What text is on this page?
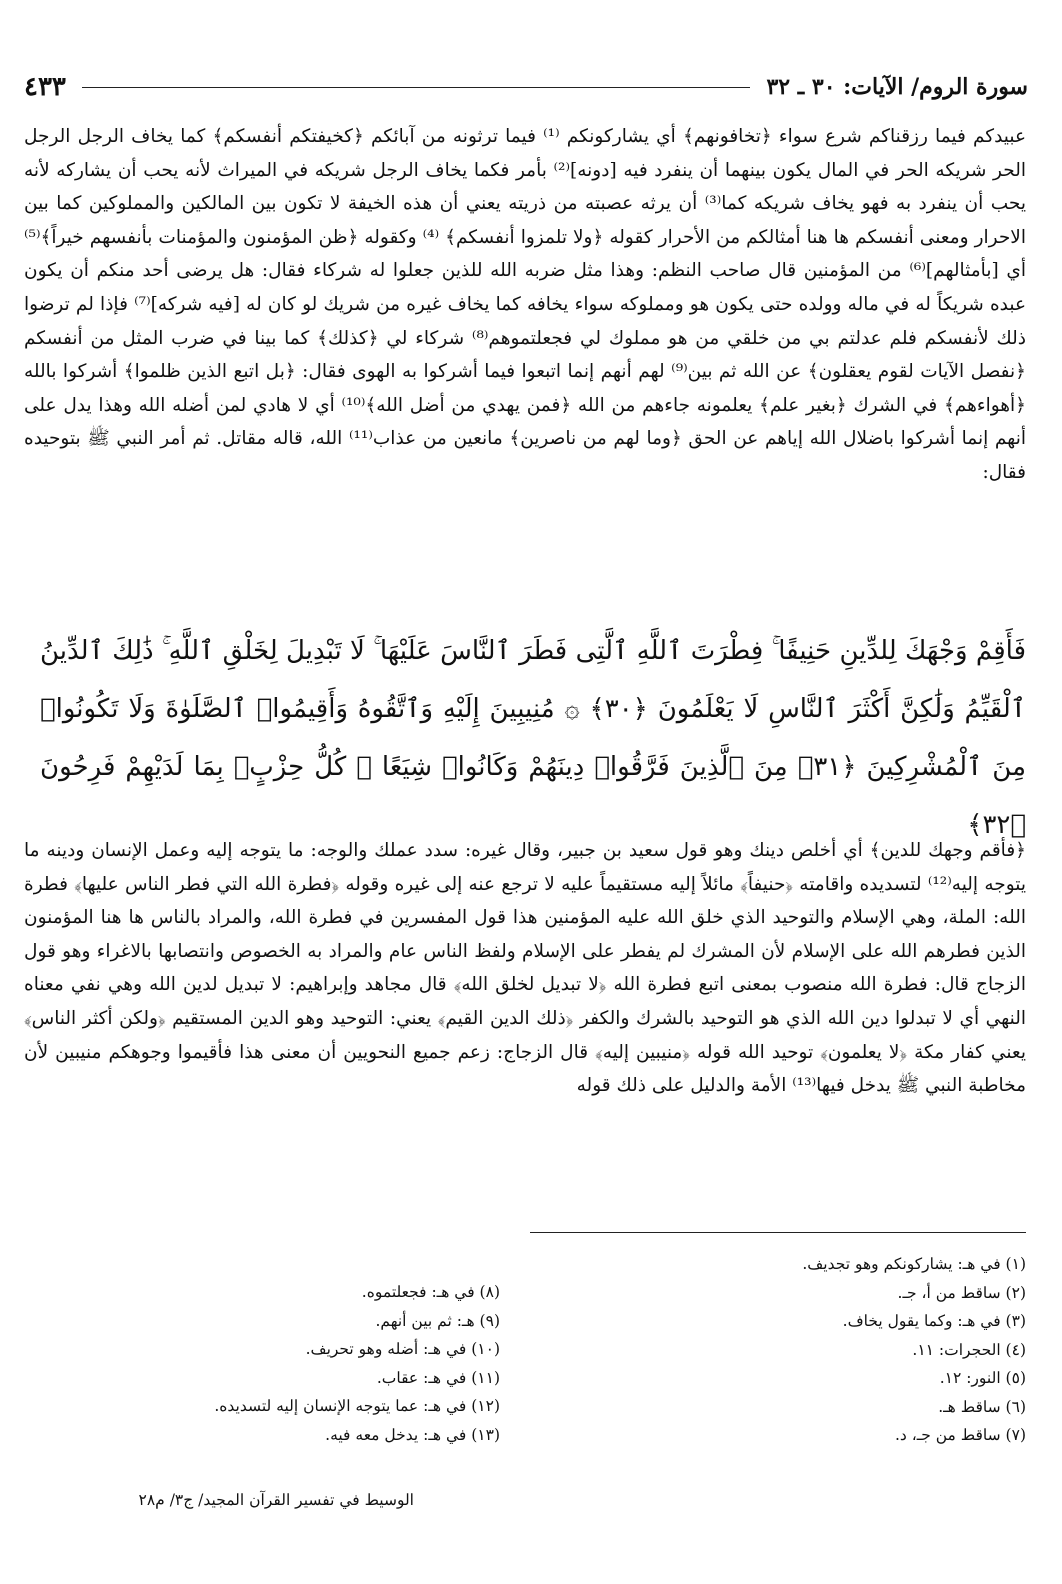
سورة الروم/ الآيات: ٣٠ ـ ٣٢
٤٣٣

عبيدكم فيما رزقناكم شرع سواء ﴿تخافونهم﴾ أي يشاركونكم ⁽¹⁾ فيما ترثونه من آبائكم ﴿كخيفتكم أنفسكم﴾ كما يخاف الرجل الرجل الحر شريكه الحر في المال يكون بينهما أن ينفرد فيه [دونه]⁽²⁾ بأمر فكما يخاف الرجل شريكه في الميراث لأنه يحب أن يشاركه لأنه يحب أن ينفرد به فهو يخاف شريكه كما⁽³⁾ أن يرثه عصبته من ذريته يعني أن هذه الخيفة لا تكون بين المالكين والمملوكين كما بين الاحرار ومعنى أنفسكم ها هنا أمثالكم من الأحرار كقوله ﴿ولا تلمزوا أنفسكم﴾ ⁽⁴⁾ وكقوله ﴿ظن المؤمنون والمؤمنات بأنفسهم خيراً﴾⁽⁵⁾ أي [بأمثالهم]⁽⁶⁾ من المؤمنين قال صاحب النظم: وهذا مثل ضربه الله للذين جعلوا له شركاء فقال: هل يرضى أحد منكم أن يكون عبده شريكاً له في ماله وولده حتى يكون هو ومملوكه سواء يخافه كما يخاف غيره من شريك لو كان له [فيه شركه]⁽⁷⁾ فإذا لم ترضوا ذلك لأنفسكم فلم عدلتم بي من خلقي من هو مملوك لي فجعلتموهم⁽⁸⁾ شركاء لي ﴿كذلك﴾ كما بينا في ضرب المثل من أنفسكم ﴿نفصل الآيات لقوم يعقلون﴾ عن الله ثم بين⁽⁹⁾ لهم أنهم إنما اتبعوا فيما أشركوا به الهوى فقال: ﴿بل اتبع الذين ظلموا﴾ أشركوا بالله ﴿أهواءهم﴾ في الشرك ﴿بغير علم﴾ يعلمونه جاءهم من الله ﴿فمن يهدي من أضل الله﴾⁽¹⁰⁾ أي لا هادي لمن أضله الله وهذا يدل على أنهم إنما أشركوا باضلال الله إياهم عن الحق ﴿وما لهم من ناصرين﴾ مانعين من عذاب⁽¹¹⁾ الله، قاله مقاتل. ثم أمر النبي ﷺ بتوحيده فقال:

فَأَقِمْ وَجْهَكَ لِلدِّينِ حَنِيفًا ۚ فِطْرَتَ ٱللَّهِ ٱلَّتِى فَطَرَ ٱلنَّاسَ عَلَيْهَا ۚ لَا تَبْدِيلَ لِخَلْقِ ٱللَّهِ ۚ ذَٰلِكَ ٱلدِّينُ ٱلْقَيِّمُ وَلَٰكِنَّ أَكْثَرَ ٱلنَّاسِ لَا يَعْلَمُونَ ﴿٣٠﴾ ۞ مُنِيبِينَ إِلَيْهِ وَٱتَّقُوهُ وَأَقِيمُوا۟ ٱلصَّلَوٰةَ وَلَا تَكُونُوا۟ مِنَ ٱلْمُشْرِكِينَ ﴿٣١﴾ مِنَ ٱلَّذِينَ فَرَّقُوا۟ دِينَهُمْ وَكَانُوا۟ شِيَعًا ۖ كُلُّ حِزْبٍۭ بِمَا لَدَيْهِمْ فَرِحُونَ ﴿٣٢﴾

﴿فأقم وجهك للدين﴾ أي أخلص دينك وهو قول سعيد بن جبير، وقال غيره: سدد عملك والوجه: ما يتوجه إليه وعمل الإنسان ودينه ما يتوجه إليه⁽¹²⁾ لتسديده واقامته ﴿حنيفاً﴾ مائلاً إليه مستقيماً عليه لا ترجع عنه إلى غيره وقوله ﴿فطرة الله التي فطر الناس عليها﴾ فطرة الله: الملة، وهي الإسلام والتوحيد الذي خلق الله عليه المؤمنين هذا قول المفسرين في فطرة الله، والمراد بالناس ها هنا المؤمنون الذين فطرهم الله على الإسلام لأن المشرك لم يفطر على الإسلام ولفظ الناس عام والمراد به الخصوص وانتصابها بالاغراء وهو قول الزجاج قال: فطرة الله منصوب بمعنى اتبع فطرة الله ﴿لا تبديل لخلق الله﴾ قال مجاهد وإبراهيم: لا تبديل لدين الله وهي نفي معناه النهي أي لا تبدلوا دين الله الذي هو التوحيد بالشرك والكفر ﴿ذلك الدين القيم﴾ يعني: التوحيد وهو الدين المستقيم ﴿ولكن أكثر الناس﴾ يعني كفار مكة ﴿لا يعلمون﴾ توحيد الله قوله ﴿منيبين إليه﴾ قال الزجاج: زعم جميع النحويين أن معنى هذا فأقيموا وجوهكم منيبين لأن مخاطبة النبي ﷺ يدخل فيها⁽¹³⁾ الأمة والدليل على ذلك قوله

(١) في هـ: يشاركونكم وهو تجديف.
(٢) ساقط من أ، جـ.
(٣) في هـ: وكما يقول يخاف.
(٤) الحجرات: ١١.
(٥) النور: ١٢.
(٦) ساقط هـ.
(٧) ساقط من جـ، د.
(٨) في هـ: فجعلتموه.
(٩) هـ: ثم بين أنهم.
(١٠) في هـ: أضله وهو تحريف.
(١١) في هـ: عقاب.
(١٢) في هـ: عما يتوجه الإنسان إليه لتسديده.
(١٣) في هـ: يدخل معه فيه.
الوسيط في تفسير القرآن المجيد/ ج٣/ م٢٨
